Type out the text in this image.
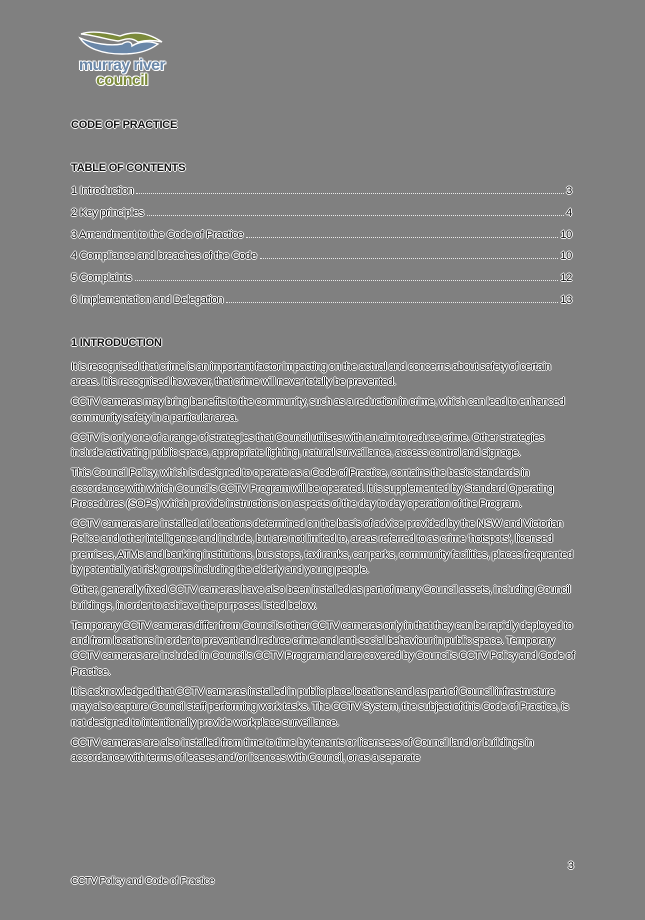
murray river
council
CODE OF PRACTICE
TABLE OF CONTENTS
1 Introduction	3
2 Key principles	4
3 Amendment to the Code of Practice	10
4 Compliance and breaches of the Code	10
5 Complaints	12
6 Implementation and Delegation	13
1 INTRODUCTION

It is recognised that crime is an important factor impacting on the actual and concerns about safety of certain areas. It is recognised however, that crime will never totally be prevented.

CCTV cameras may bring benefits to the community, such as a reduction in crime, which can lead to enhanced community safety in a particular area.

CCTV is only one of a range of strategies that Council utilises with an aim to reduce crime. Other strategies include activating public space, appropriate lighting, natural surveillance, access control and signage.

This Council Policy, which is designed to operate as a Code of Practice, contains the basic standards in accordance with which Council's CCTV Program will be operated. It is supplemented by Standard Operating Procedures (SOPs) which provide instructions on aspects of the day to day operation of the Program.

CCTV cameras are installed at locations determined on the basis of advice provided by the NSW and Victorian Police and other intelligence and include, but are not limited to, areas referred to as crime 'hotspots', licensed premises, ATMs and banking institutions, bus stops, taxi ranks, car parks, community facilities, places frequented by potentially at risk groups including the elderly and young people.

Other, generally fixed CCTV cameras have also been installed as part of many Council assets, including Council buildings, in order to achieve the purposes listed below.

Temporary CCTV cameras differ from Council's other CCTV cameras only in that they can be rapidly deployed to and from locations in order to prevent and reduce crime and anti-social behaviour in public space. Temporary CCTV cameras are included in Council's CCTV Program and are covered by Council's CCTV Policy and Code of Practice.

It is acknowledged that CCTV cameras installed in public place locations and as part of Council infrastructure may also capture Council staff performing work tasks. The CCTV System, the subject of this Code of Practice, is not designed to intentionally provide workplace surveillance.

CCTV cameras are also installed from time to time by tenants or licensees of Council land or buildings in accordance with terms of leases and/or licences with Council, or as a separate

3
CCTV Policy and Code of Practice
